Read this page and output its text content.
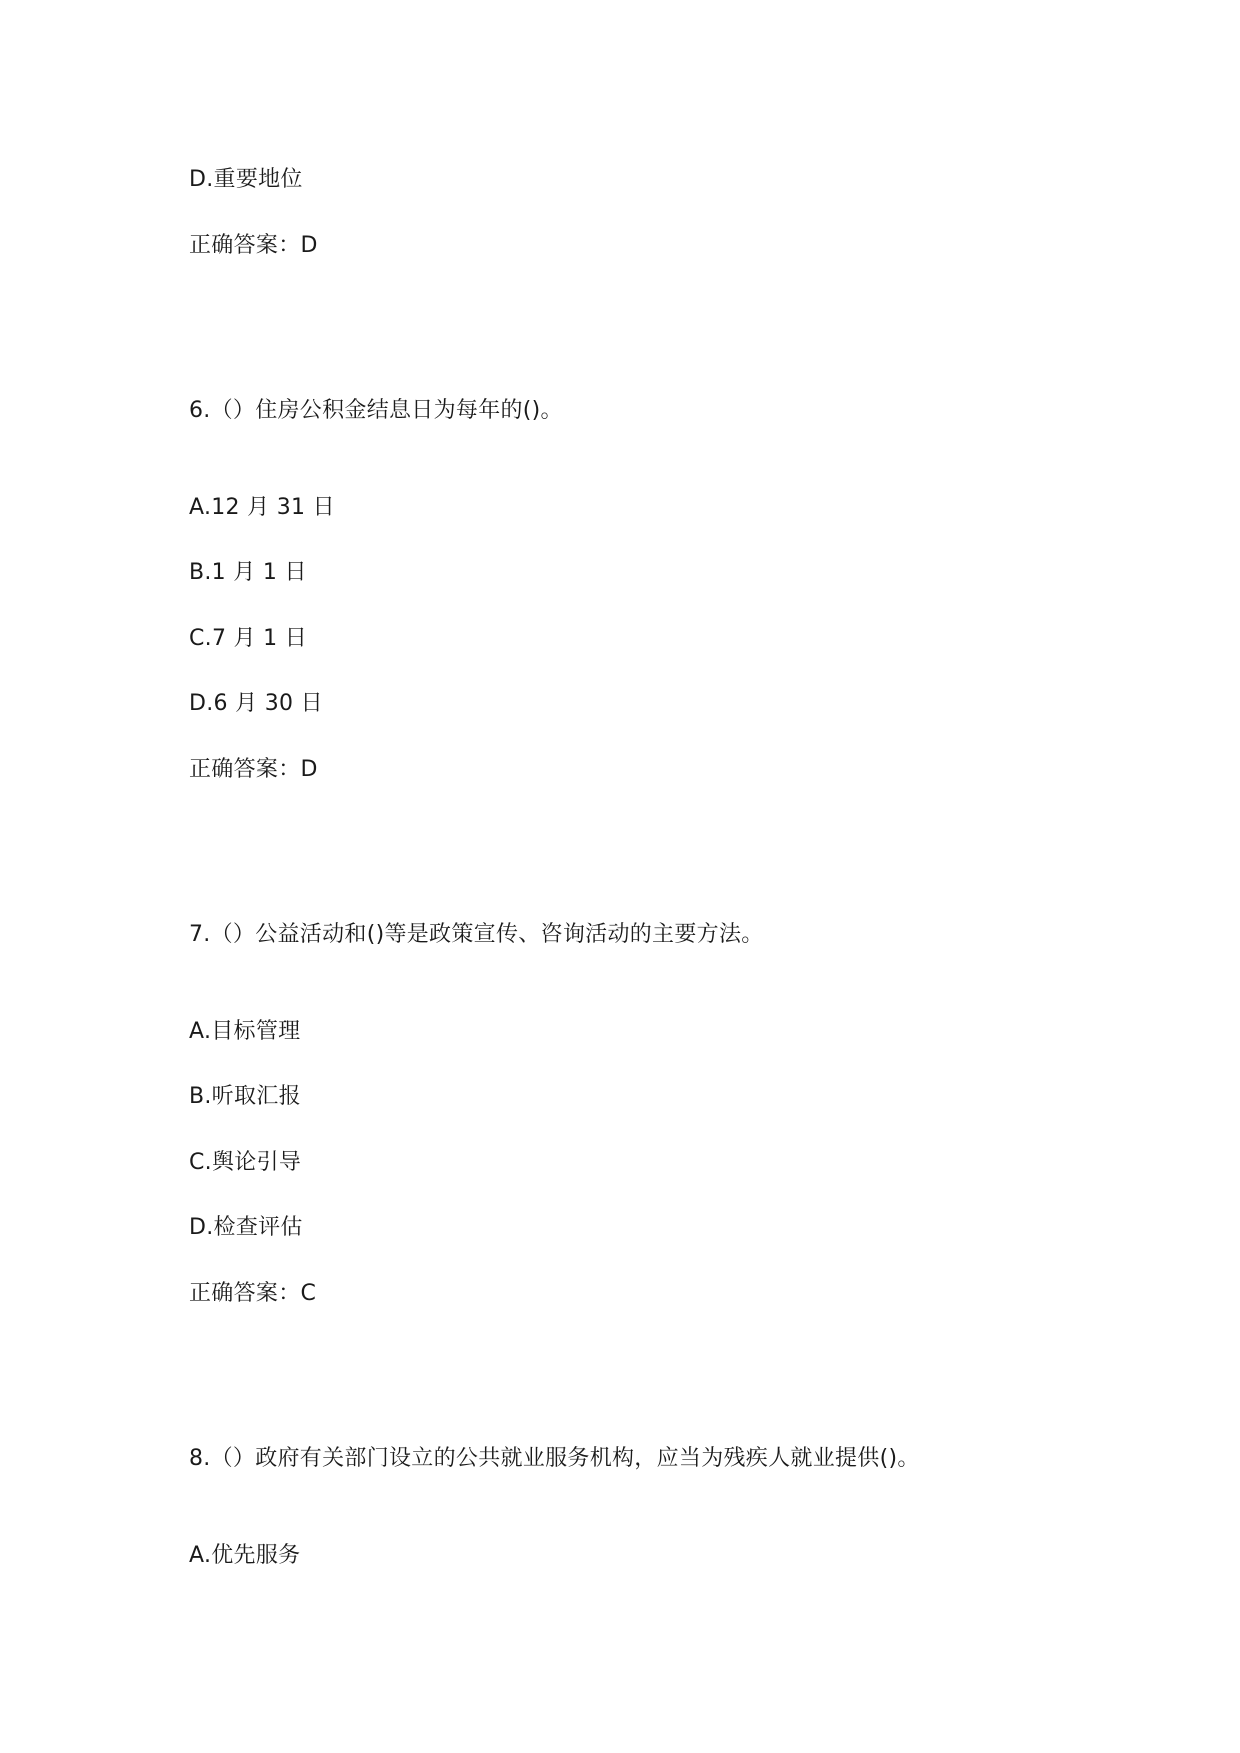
D.重要地位
正确答案：D
6.（）住房公积金结息日为每年的()。
A.12 月 31 日
B.1 月 1 日
C.7 月 1 日
D.6 月 30 日
正确答案：D
7.（）公益活动和()等是政策宣传、咨询活动的主要方法。
A.目标管理
B.听取汇报
C.舆论引导
D.检查评估
正确答案：C
8.（）政府有关部门设立的公共就业服务机构，应当为残疾人就业提供()。
A.优先服务
